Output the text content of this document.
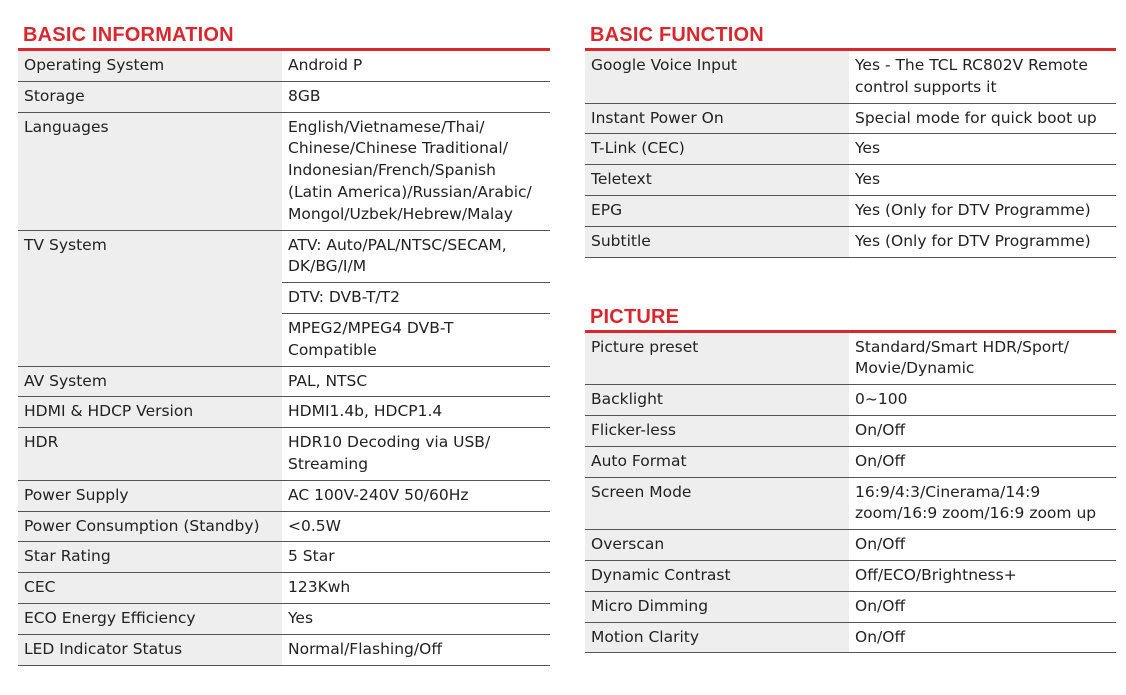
BASIC INFORMATION
Operating System	Android P

Storage	8GB

Languages	English/Vietnamese/Thai/
Chinese/Chinese Traditional/
Indonesian/French/Spanish
(Latin America)/Russian/Arabic/
Mongol/Uzbek/Hebrew/Malay

TV System	ATV: Auto/PAL/NTSC/SECAM,
DK/BG/I/M

	DTV: DVB-T/T2

	MPEG2/MPEG4 DVB-T
Compatible

AV System	PAL, NTSC

HDMI & HDCP Version	HDMI1.4b, HDCP1.4

HDR	HDR10 Decoding via USB/
Streaming

Power Supply	AC 100V-240V 50/60Hz

Power Consumption (Standby)	<0.5W

Star Rating	5 Star

CEC	123Kwh

ECO Energy Efficiency	Yes

LED Indicator Status	Normal/Flashing/Off
BASIC FUNCTION
Google Voice Input	Yes - The TCL RC802V Remote
control supports it

Instant Power On	Special mode for quick boot up

T-Link (CEC)	Yes

Teletext	Yes

EPG	Yes (Only for DTV Programme)

Subtitle	Yes (Only for DTV Programme)
PICTURE
Picture preset	Standard/Smart HDR/Sport/
Movie/Dynamic

Backlight	0~100

Flicker-less	On/Off

Auto Format	On/Off

Screen Mode	16:9/4:3/Cinerama/14:9
zoom/16:9 zoom/16:9 zoom up

Overscan	On/Off

Dynamic Contrast	Off/ECO/Brightness+

Micro Dimming	On/Off

Motion Clarity	On/Off
